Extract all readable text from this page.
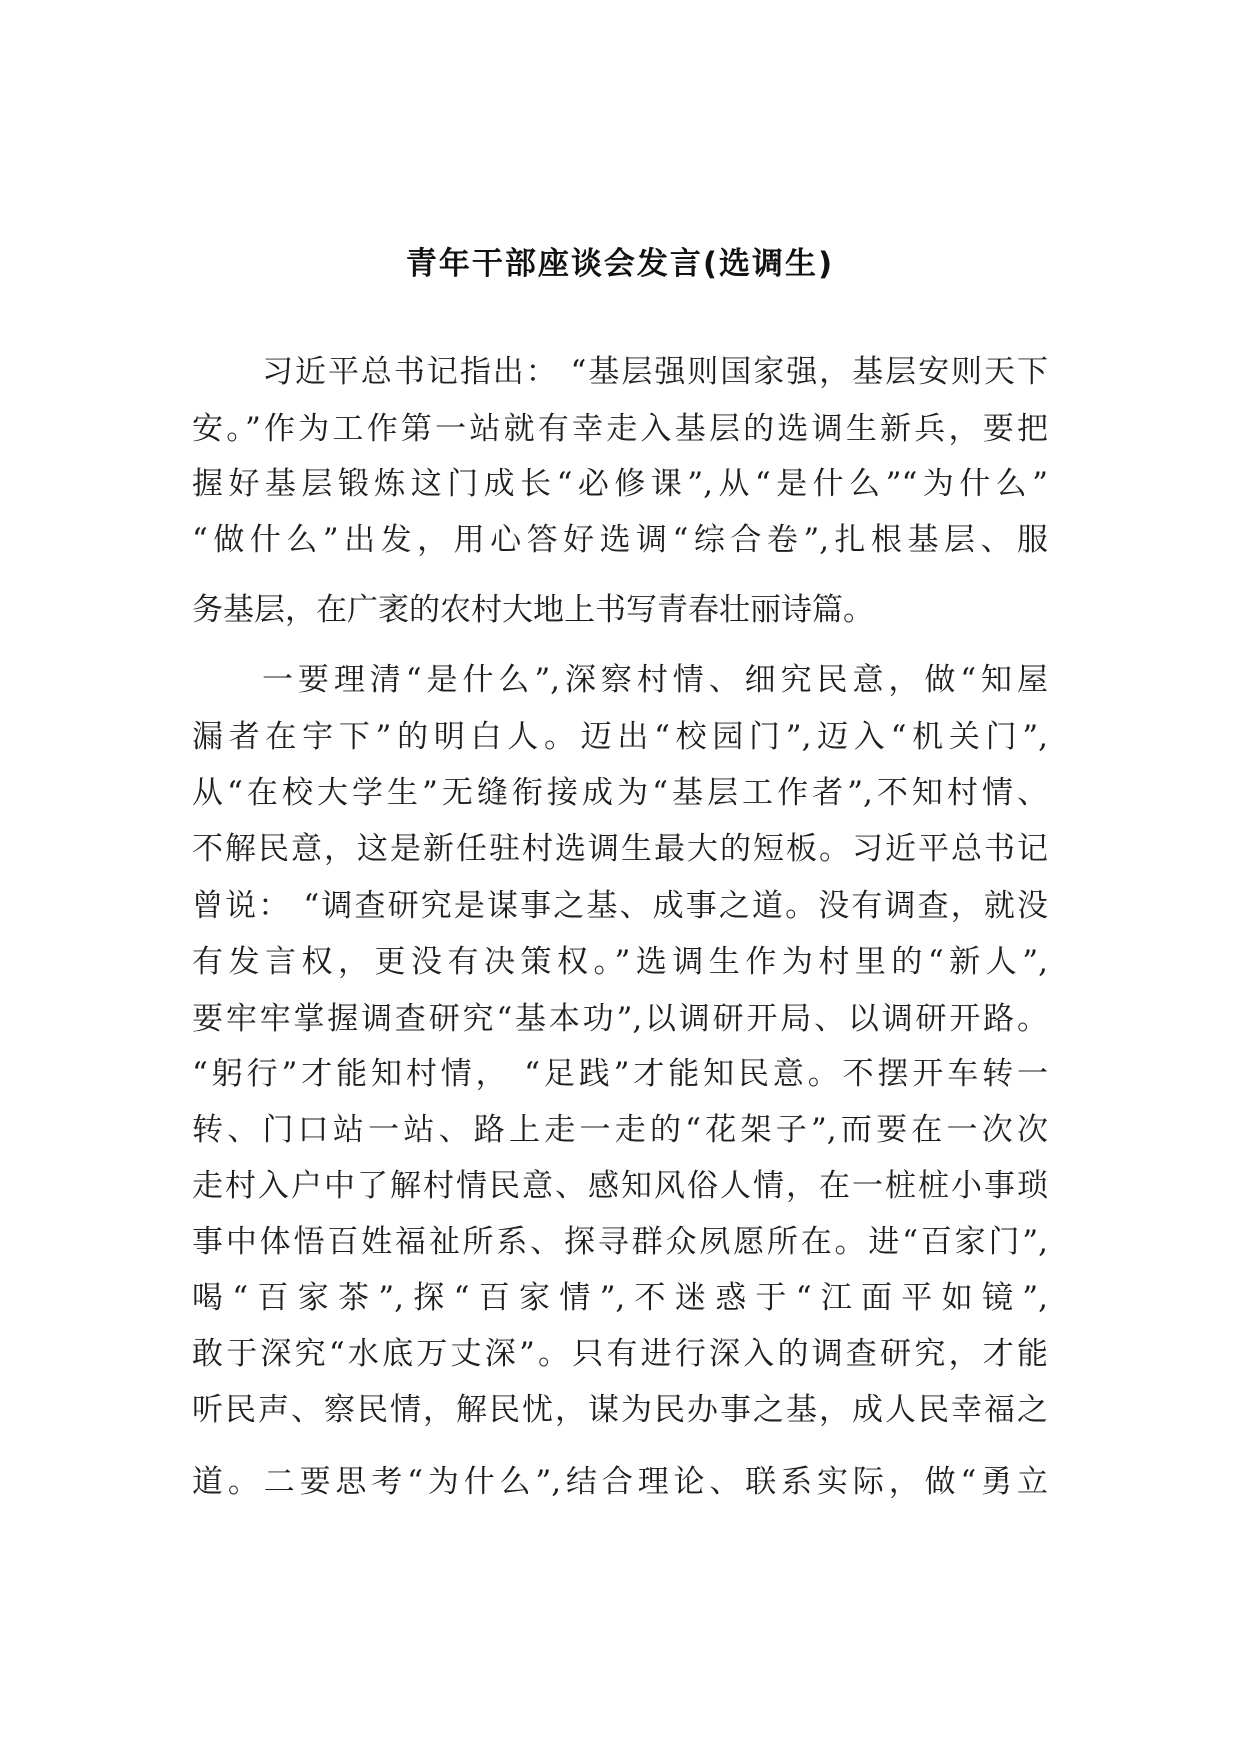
青年干部座谈会发言(选调生)
习近平总书记指出： “基层强则国家强，基层安则天下
安。”作为工作第一站就有幸走入基层的选调生新兵，要把
握好基层锻炼这门成长“必修课”,从“是什么”“为什么”
“做什么”出发，用心答好选调“综合卷”,扎根基层、服
务基层，在广袤的农村大地上书写青春壮丽诗篇。
一要理清“是什么”,深察村情、细究民意，做“知屋
漏者在宇下”的明白人。迈出“校园门”,迈入“机关门”,
从“在校大学生”无缝衔接成为“基层工作者”,不知村情、
不解民意，这是新任驻村选调生最大的短板。习近平总书记
曾说： “调查研究是谋事之基、成事之道。没有调查，就没
有发言权，更没有决策权。”选调生作为村里的“新人”,
要牢牢掌握调查研究“基本功”,以调研开局、以调研开路。
“躬行”才能知村情， “足践”才能知民意。不摆开车转一
转、门口站一站、路上走一走的“花架子”,而要在一次次
走村入户中了解村情民意、感知风俗人情，在一桩桩小事琐
事中体悟百姓福祉所系、探寻群众夙愿所在。进“百家门”,
喝“百家茶”,探“百家情”,不迷惑于“江面平如镜”,
敢于深究“水底万丈深”。只有进行深入的调查研究，才能
听民声、察民情，解民忧，谋为民办事之基，成人民幸福之
道。二要思考“为什么”,结合理论、联系实际，做“勇立
